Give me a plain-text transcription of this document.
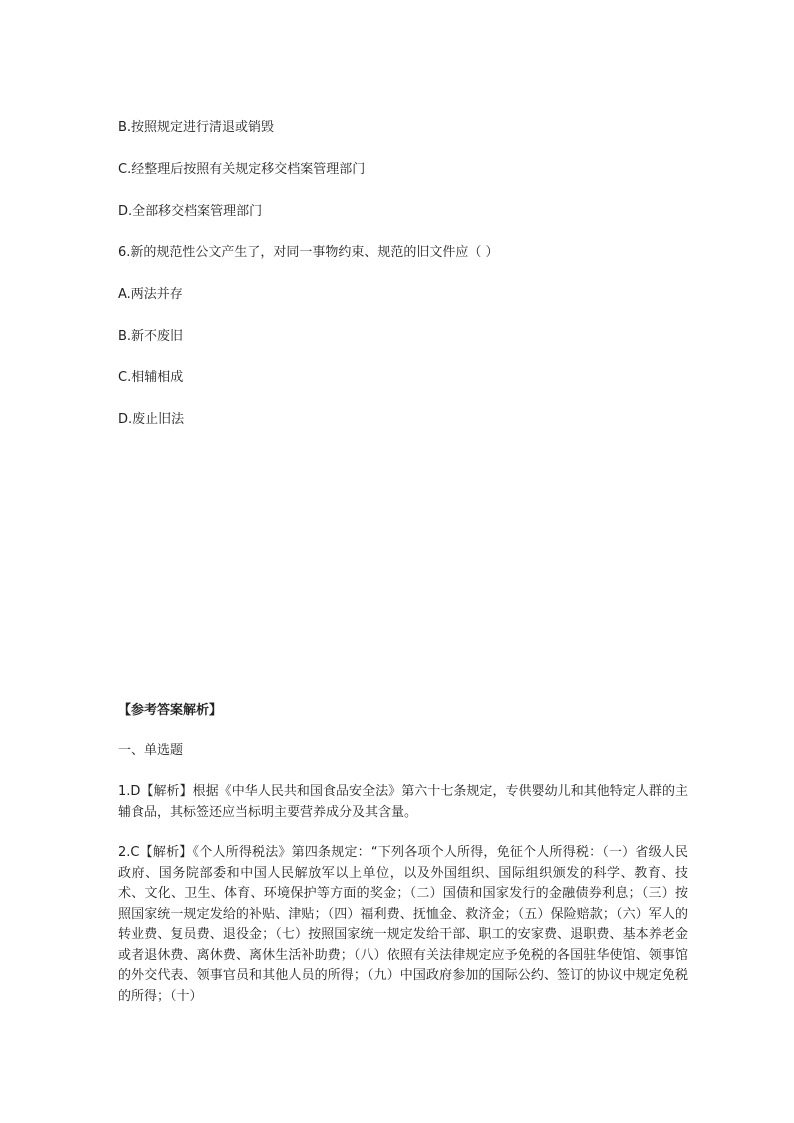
B.按照规定进行清退或销毁
C.经整理后按照有关规定移交档案管理部门
D.全部移交档案管理部门
6.新的规范性公文产生了，对同一事物约束、规范的旧文件应（ ）
A.两法并存
B.新不废旧
C.相辅相成
D.废止旧法
【参考答案解析】
一、单选题
1.D【解析】根据《中华人民共和国食品安全法》第六十七条规定，专供婴幼儿和其他特定人群的主辅食品，其标签还应当标明主要营养成分及其含量。
2.C【解析】《个人所得税法》第四条规定：“下列各项个人所得，免征个人所得税：（一）省级人民政府、国务院部委和中国人民解放军以上单位，以及外国组织、国际组织颁发的科学、教育、技术、文化、卫生、体育、环境保护等方面的奖金；（二）国债和国家发行的金融债券利息；（三）按照国家统一规定发给的补贴、津贴；（四）福利费、抚恤金、救济金；（五）保险赔款；（六）军人的转业费、复员费、退役金；（七）按照国家统一规定发给干部、职工的安家费、退职费、基本养老金或者退休费、离休费、离休生活补助费；（八）依照有关法律规定应予免税的各国驻华使馆、领事馆的外交代表、领事官员和其他人员的所得；（九）中国政府参加的国际公约、签订的协议中规定免税的所得；（十）
